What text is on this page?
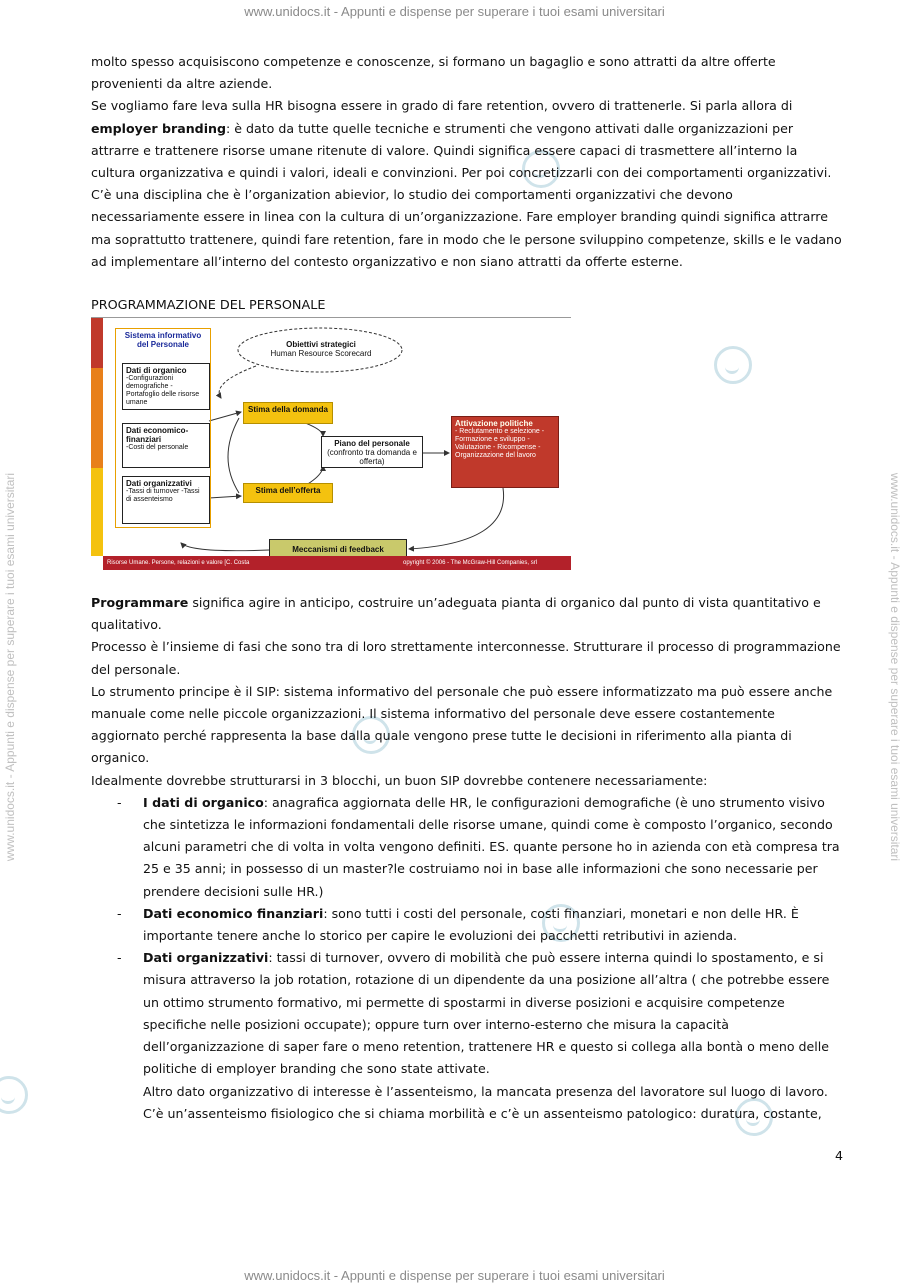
www.unidocs.it - Appunti e dispense per superare i tuoi esami universitari
www.unidocs.it - Appunti e dispense per superare i tuoi esami universitari
www.unidocs.it - Appunti e dispense per superare i tuoi esami universitari	www.unidocs.it - Appunti e dispense per superare i tuoi esami universitari

molto spesso acquisiscono competenze e conoscenze, si formano un bagaglio e sono attratti da altre offerte provenienti da altre aziende.

Se vogliamo fare leva sulla HR bisogna essere in grado di fare retention, ovvero di trattenerle. Si parla allora di employer branding: è dato da tutte quelle tecniche e strumenti che vengono attivati dalle organizzazioni per attrarre e trattenere risorse umane ritenute di valore. Quindi significa essere capaci di trasmettere all’interno la cultura organizzativa e quindi i valori, ideali e convinzioni. Per poi concretizzarli con dei comportamenti organizzativi. C’è una disciplina che è l’organization abievior, lo studio dei comportamenti organizzativi che devono necessariamente essere in linea con la cultura di un’organizzazione. Fare employer branding quindi significa attrarre ma soprattutto trattenere, quindi fare retention, fare in modo che le persone sviluppino competenze, skills e le vadano ad implementare all’interno del contesto organizzativo e non siano attratti da offerte esterne.

PROGRAMMAZIONE DEL PERSONALE

Sistema informativo del Personale
Dati di organico
-Configurazioni demografiche -Portafoglio delle risorse umane
Dati economico-finanziari
-Costi del personale
Dati organizzativi
-Tassi di turnover -Tassi di assenteismo
Obiettivi strategici
Human Resource Scorecard
Stima della domanda
Stima dell’offerta
Piano del personale
(confronto tra domanda e offerta)
Attivazione politiche
- Reclutamento e selezione - Formazione e sviluppo - Valutazione - Ricompense - Organizzazione del lavoro
Meccanismi di feedback
Risorse Umane. Persone, relazioni e valore [C. Costa	opyright © 2006 - The McGraw-Hill Companies, srl

Programmare significa agire in anticipo, costruire un’adeguata pianta di organico dal punto di vista quantitativo e qualitativo.

Processo è l’insieme di fasi che sono tra di loro strettamente interconnesse. Strutturare il processo di programmazione del personale.

Lo strumento principe è il SIP: sistema informativo del personale che può essere informatizzato ma può essere anche manuale come nelle piccole organizzazioni. Il sistema informativo del personale deve essere costantemente aggiornato perché rappresenta la base dalla quale vengono prese tutte le decisioni in riferimento alla pianta di organico.

Idealmente dovrebbe strutturarsi in 3 blocchi, un buon SIP dovrebbe contenere necessariamente:

- I dati di organico: anagrafica aggiornata delle HR, le configurazioni demografiche (è uno strumento visivo che sintetizza le informazioni fondamentali delle risorse umane, quindi come è composto l’organico, secondo alcuni parametri che di volta in volta vengono definiti. ES. quante persone ho in azienda con età compresa tra 25 e 35 anni; in possesso di un master?le costruiamo noi in base alle informazioni che sono necessarie per prendere decisioni sulle HR.)
- Dati economico finanziari: sono tutti i costi del personale, costi finanziari, monetari e non delle HR. È importante tenere anche lo storico per capire le evoluzioni dei pacchetti retributivi in azienda.
- Dati organizzativi: tassi di turnover, ovvero di mobilità che può essere interna quindi lo spostamento, e si misura attraverso la job rotation, rotazione di un dipendente da una posizione all’altra ( che potrebbe essere un ottimo strumento formativo, mi permette di spostarmi in diverse posizioni e acquisire competenze specifiche nelle posizioni occupate); oppure turn over interno-esterno che misura la capacità dell’organizzazione di saper fare o meno retention, trattenere HR e questo si collega alla bontà o meno delle politiche di employer branding che sono state attivate.
Altro dato organizzativo di interesse è l’assenteismo, la mancata presenza del lavoratore sul luogo di lavoro. C’è un’assenteismo fisiologico che si chiama morbilità e c’è un assenteismo patologico: duratura, costante,
4
